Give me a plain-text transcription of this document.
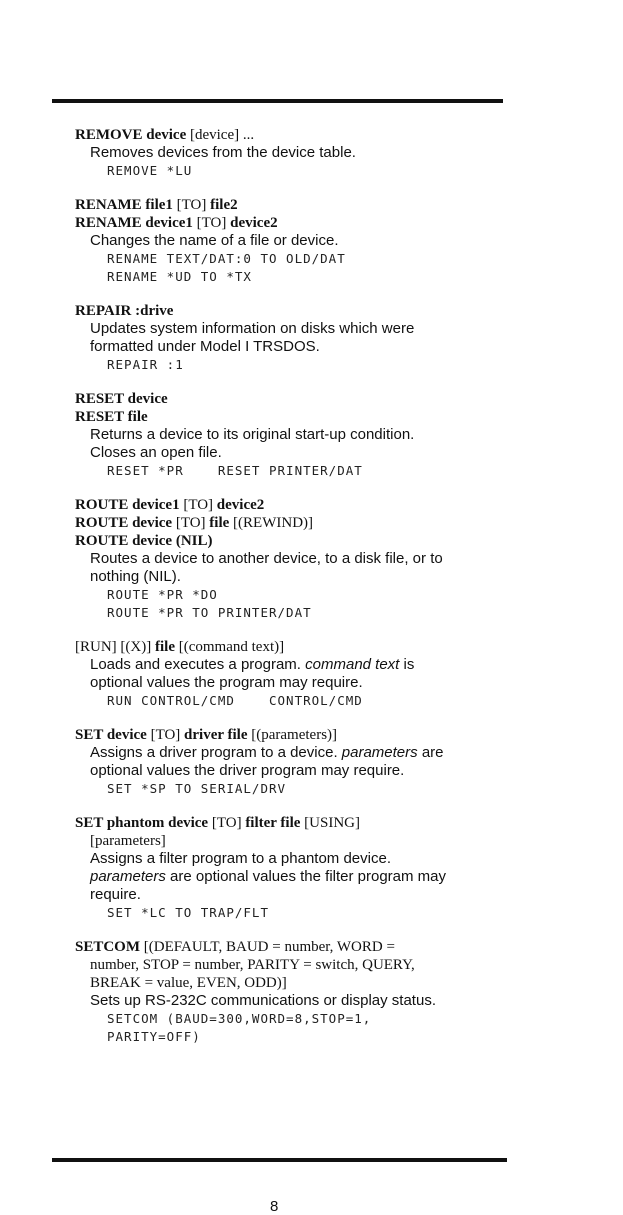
REMOVE device [device] ...
Removes devices from the device table.
REMOVE *LU
RENAME file1 [TO] file2
RENAME device1 [TO] device2
Changes the name of a file or device.
RENAME TEXT/DAT:0 TO OLD/DAT
RENAME *UD TO *TX
REPAIR :drive
Updates system information on disks which were
formatted under Model I TRSDOS.
REPAIR :1
RESET device
RESET file
Returns a device to its original start-up condition.
Closes an open file.
RESET *PR    RESET PRINTER/DAT
ROUTE device1 [TO] device2
ROUTE device [TO] file [(REWIND)]
ROUTE device (NIL)
Routes a device to another device, to a disk file, or to
nothing (NIL).
ROUTE *PR *DO
ROUTE *PR TO PRINTER/DAT
[RUN] [(X)] file [(command text)]
Loads and executes a program. command text is
optional values the program may require.
RUN CONTROL/CMD    CONTROL/CMD
SET device [TO] driver file [(parameters)]
Assigns a driver program to a device. parameters are
optional values the driver program may require.
SET *SP TO SERIAL/DRV
SET phantom device [TO] filter file [USING]
[parameters]
Assigns a filter program to a phantom device.
parameters are optional values the filter program may
require.
SET *LC TO TRAP/FLT
SETCOM [(DEFAULT, BAUD = number, WORD =
number, STOP = number, PARITY = switch, QUERY,
BREAK = value, EVEN, ODD)]
Sets up RS-232C communications or display status.
SETCOM (BAUD=300,WORD=8,STOP=1,
PARITY=OFF)
8
